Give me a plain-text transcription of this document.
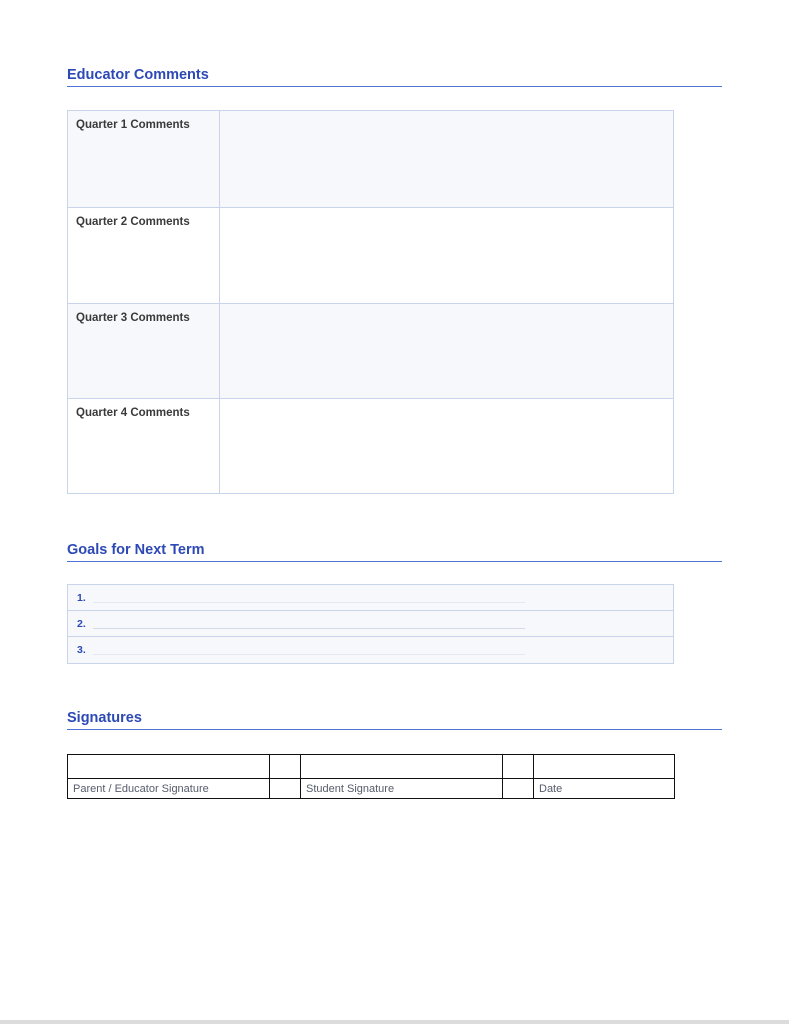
Educator Comments
Quarter 1 Comments
Quarter 2 Comments
Quarter 3 Comments
Quarter 4 Comments
Goals for Next Term
1.
2.
3.
Signatures

Parent / Educator Signature		Student Signature		Date
